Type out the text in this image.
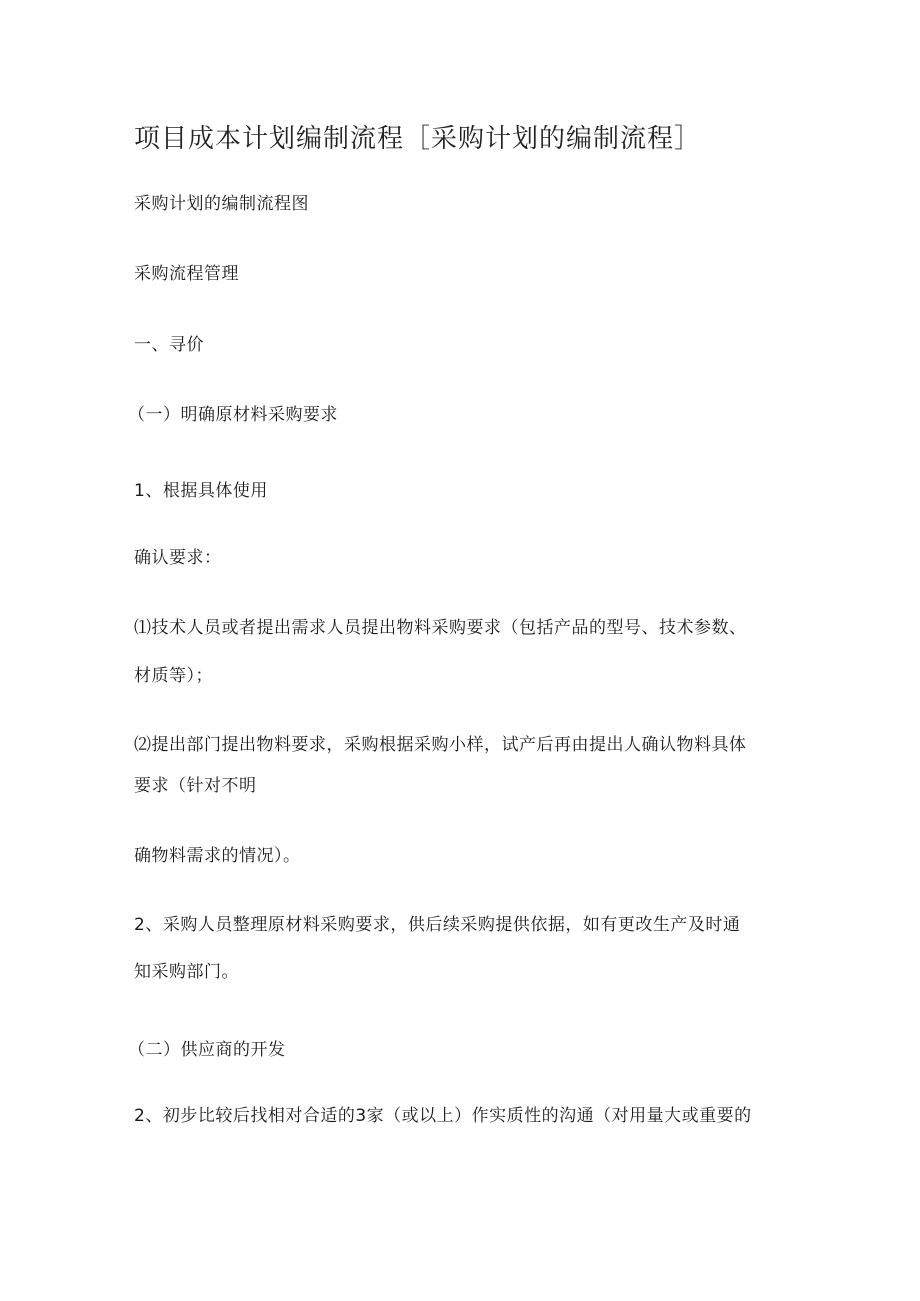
项目成本计划编制流程［采购计划的编制流程］
采购计划的编制流程图
采购流程管理
一、寻价
（一）明确原材料采购要求
1、根据具体使用
确认要求：
⑴技术人员或者提出需求人员提出物料采购要求（包括产品的型号、技术参数、
材质等）；
⑵提出部门提出物料要求，采购根据采购小样，试产后再由提出人确认物料具体
要求（针对不明
确物料需求的情况）。
2、采购人员整理原材料采购要求，供后续采购提供依据，如有更改生产及时通
知采购部门。
（二）供应商的开发
2、初步比较后找相对合适的3家（或以上）作实质性的沟通（对用量大或重要的
